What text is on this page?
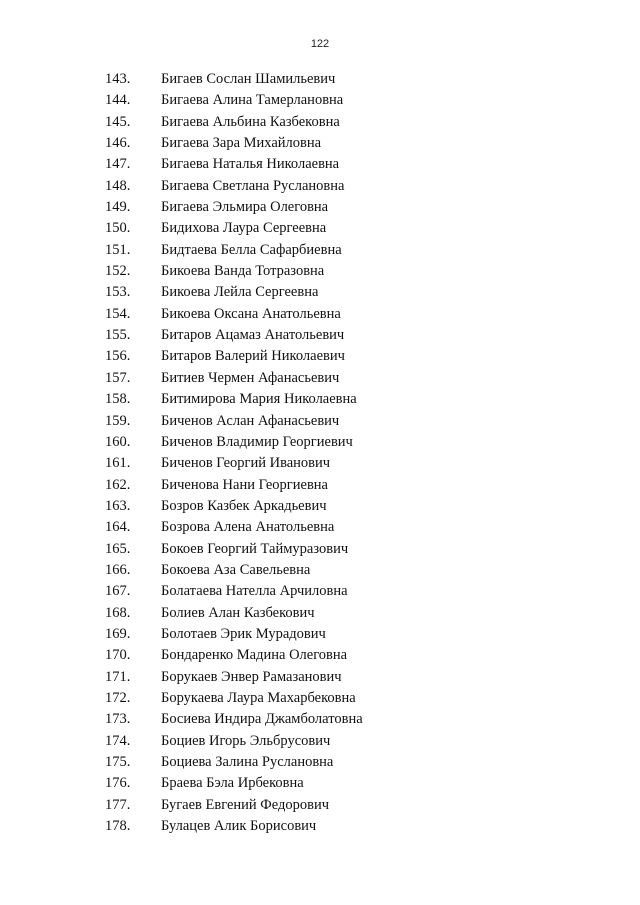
122
143.	Бигаев Сослан Шамильевич
144.	Бигаева Алина Тамерлановна
145.	Бигаева Альбина Казбековна
146.	Бигаева Зара Михайловна
147.	Бигаева Наталья Николаевна
148.	Бигаева Светлана Руслановна
149.	Бигаева Эльмира Олеговна
150.	Бидихова Лаура Сергеевна
151.	Бидтаева Белла Сафарбиевна
152.	Бикоева Ванда Тотразовна
153.	Бикоева Лейла Сергеевна
154.	Бикоева Оксана Анатольевна
155.	Битаров Ацамаз Анатольевич
156.	Битаров Валерий Николаевич
157.	Битиев Чермен Афанасьевич
158.	Битимирова Мария Николаевна
159.	Биченов Аслан Афанасьевич
160.	Биченов Владимир Георгиевич
161.	Биченов Георгий Иванович
162.	Биченова Нани Георгиевна
163.	Бозров Казбек Аркадьевич
164.	Бозрова Алена Анатольевна
165.	Бокоев Георгий Таймуразович
166.	Бокоева Аза Савельевна
167.	Болатаева Нателла Арчиловна
168.	Болиев Алан Казбекович
169.	Болотаев Эрик Мурадович
170.	Бондаренко Мадина Олеговна
171.	Борукаев Энвер Рамазанович
172.	Борукаева Лаура Махарбековна
173.	Босиева Индира Джамболатовна
174.	Боциев Игорь Эльбрусович
175.	Боциева Залина Руслановна
176.	Браева Бэла Ирбековна
177.	Бугаев Евгений Федорович
178.	Булацев Алик Борисович
